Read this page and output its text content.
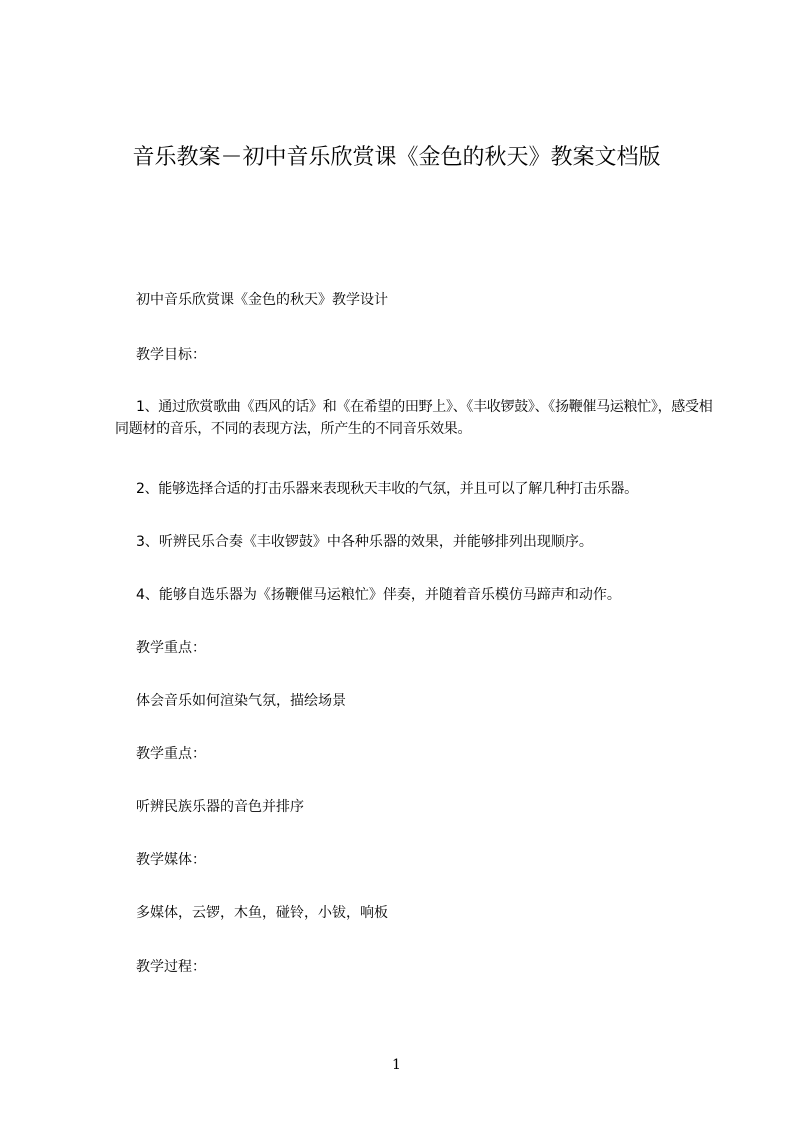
音乐教案－初中音乐欣赏课《金色的秋天》教案文档版

初中音乐欣赏课《金色的秋天》教学设计

教学目标：

1、通过欣赏歌曲《西风的话》和《在希望的田野上》、《丰收锣鼓》、《扬鞭催马运粮忙》，感受相同题材的音乐，不同的表现方法，所产生的不同音乐效果。

2、能够选择合适的打击乐器来表现秋天丰收的气氛，并且可以了解几种打击乐器。

3、听辨民乐合奏《丰收锣鼓》中各种乐器的效果，并能够排列出现顺序。

4、能够自选乐器为《扬鞭催马运粮忙》伴奏，并随着音乐模仿马蹄声和动作。

教学重点：

体会音乐如何渲染气氛，描绘场景

教学重点：

听辨民族乐器的音色并排序

教学媒体：

多媒体，云锣，木鱼，碰铃，小钹，响板

教学过程：

1
